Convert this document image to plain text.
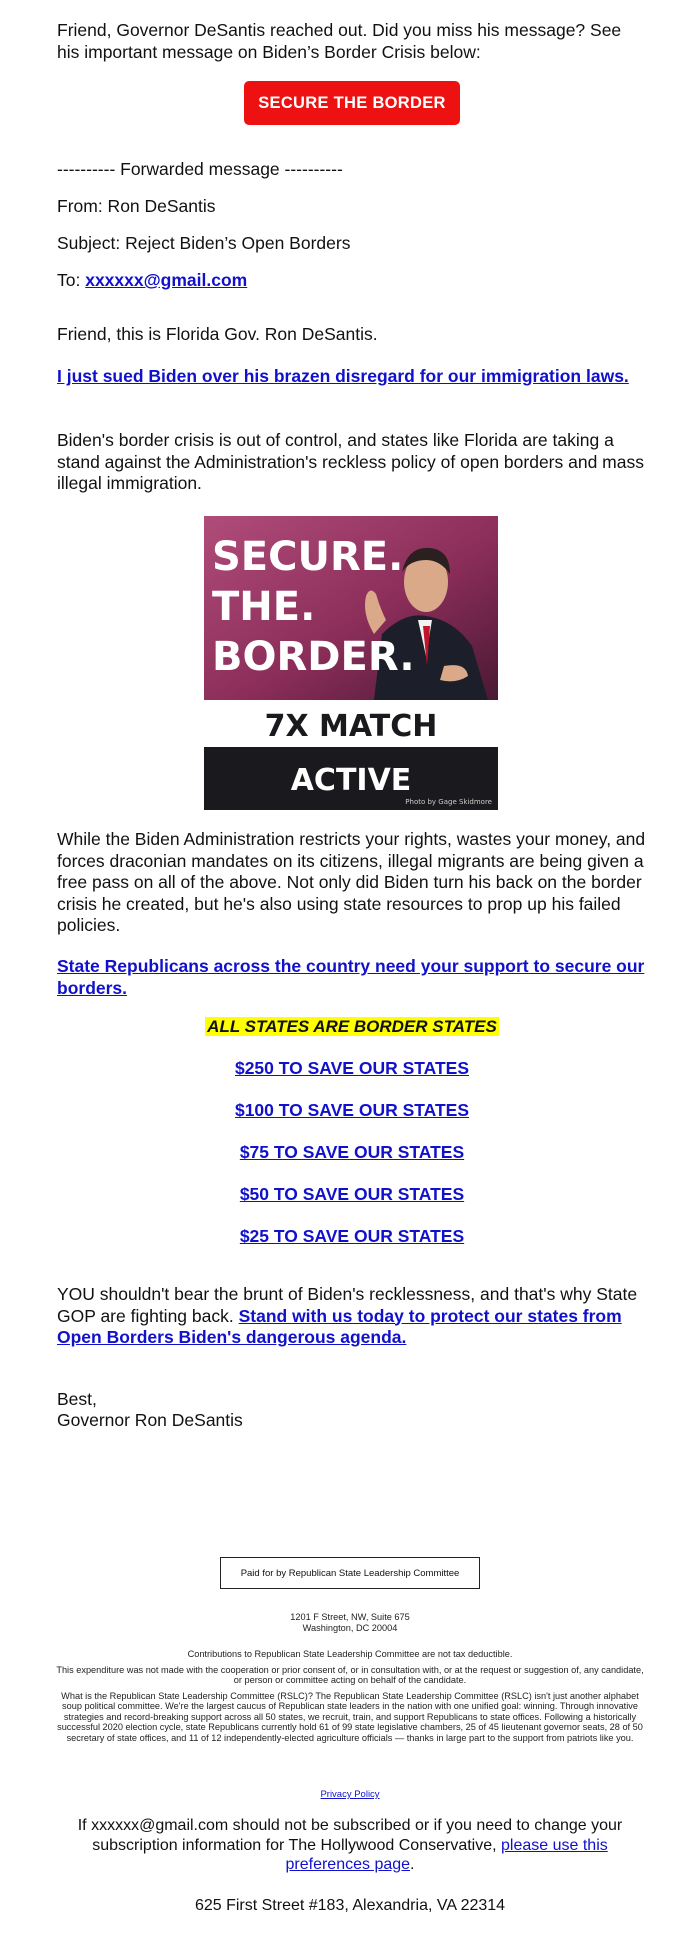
Friend, Governor DeSantis reached out. Did you miss his message? See his important message on Biden’s Border Crisis below:

SECURE THE BORDER

---------- Forwarded message ----------

From: Ron DeSantis

Subject: Reject Biden’s Open Borders

To: xxxxxx@gmail.com

Friend, this is Florida Gov. Ron DeSantis.

I just sued Biden over his brazen disregard for our immigration laws.

Biden's border crisis is out of control, and states like Florida are taking a stand against the Administration's reckless policy of open borders and mass illegal immigration.

SECURE.
THE.
BORDER.
7X MATCH
ACTIVE
Photo by Gage Skidmore

While the Biden Administration restricts your rights, wastes your money, and forces draconian mandates on its citizens, illegal migrants are being given a free pass on all of the above. Not only did Biden turn his back on the border crisis he created, but he's also using state resources to prop up his failed policies.

State Republicans across the country need your support to secure our borders.

ALL STATES ARE BORDER STATES

$250 TO SAVE OUR STATES

$100 TO SAVE OUR STATES

$75 TO SAVE OUR STATES

$50 TO SAVE OUR STATES

$25 TO SAVE OUR STATES

YOU shouldn't bear the brunt of Biden's recklessness, and that's why State GOP are fighting back. Stand with us today to protect our states from Open Borders Biden's dangerous agenda.

Best,

Governor Ron DeSantis

Paid for by Republican State Leadership Committee

1201 F Street, NW, Suite 675

Washington, DC 20004

Contributions to Republican State Leadership Committee are not tax deductible.

This expenditure was not made with the cooperation or prior consent of, or in consultation with, or at the request or suggestion of, any candidate, or person or committee acting on behalf of the candidate.

What is the Republican State Leadership Committee (RSLC)? The Republican State Leadership Committee (RSLC) isn't just another alphabet soup political committee. We're the largest caucus of Republican state leaders in the nation with one unified goal: winning. Through innovative strategies and record-breaking support across all 50 states, we recruit, train, and support Republicans to state offices. Following a historically successful 2020 election cycle, state Republicans currently hold 61 of 99 state legislative chambers, 25 of 45 lieutenant governor seats, 28 of 50 secretary of state offices, and 11 of 12 independently-elected agriculture officials — thanks in large part to the support from patriots like you.

Privacy Policy

If xxxxxx@gmail.com should not be subscribed or if you need to change your subscription information for The Hollywood Conservative, please use this preferences page.

625 First Street #183, Alexandria, VA 22314
